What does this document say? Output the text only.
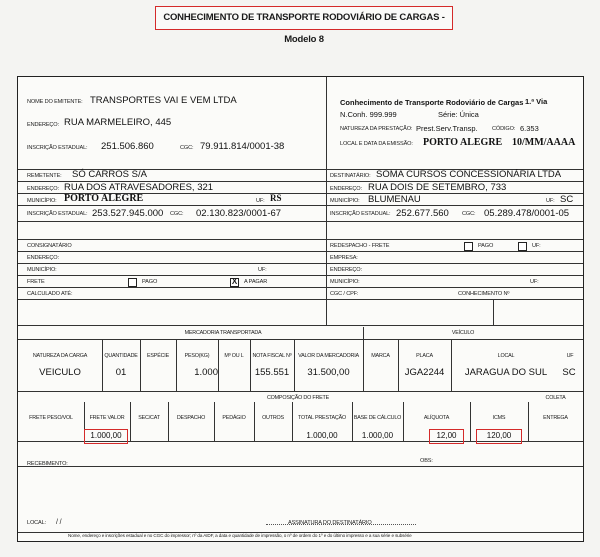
CONHECIMENTO DE TRANSPORTE RODOVIÁRIO DE CARGAS - Modelo 8
NOME DO EMITENTE: TRANSPORTES VAI E VEM LTDA
ENDEREÇO: RUA MARMELEIRO, 445
INSCRIÇÃO ESTADUAL: 251.506.860	CGC: 79.911.814/0001-38
Conhecimento de Transporte Rodoviário de Cargas 1.ª Via
N.Conh. 999.999	Série: Única
NATUREZA DA PRESTAÇÃO: Prest.Serv.Transp.	CÓDIGO: 6.353
LOCAL E DATA DA EMISSÃO: PORTO ALEGRE 10/MM/AAAA
REMETENTE: SÓ CARROS S/A
ENDEREÇO: RUA DOS ATRAVESADORES, 321
MUNICÍPIO: PORTO ALEGRE	UF: RS
INSCRIÇÃO ESTADUAL: 253.527.945.000 CGC: 02.130.823/0001-67
DESTINATÁRIO: SOMA CURSOS CONCESSIONÁRIA LTDA
ENDEREÇO: RUA DOIS DE SETEMBRO, 733
MUNICÍPIO: BLUMENAU	UF: SC
INSCRIÇÃO ESTADUAL: 252.677.560 CGC: 05.289.478/0001-05
CONSIGNATÁRIO
ENDEREÇO:
MUNICÍPIO:	UF:
FRETE	PAGO
X	A PAGAR
CALCULADO ATÉ:
REDESPACHO - FRETE	PAGO	UF:
EMPRESA:
ENDEREÇO:
MUNICÍPIO:	UF:
CGC / CPF:	CONHECIMENTO Nº
MERCADORIA TRANSPORTADA	VEÍCULO
NATUREZA DA CARGA	QUANTIDADE	ESPÉCIE	PESO(KG)	Mº OU L	NOTA FISCAL Nº	VALOR DA MERCADORIA	MARCA	PLACA	LOCAL	UF
VEICULO	01	1.000	155.551	31.500,00	JGA2244	JARAGUA DO SUL	SC
COMPOSIÇÃO DO FRETE	COLETA
FRETE PESO/VOL	FRETE VALOR	SEC/CAT	DESPACHO	PEDÁGIO	OUTROS	TOTAL PRESTAÇÃO	BASE DE CÁLCULO	ALÍQUOTA	ICMS	ENTREGA
1.000,00	1.000,00	1.000,00	12,00	120,00
RECEBIMENTO:	OBS:
LOCAL: / /	ASSINATURA DO DESTINATÁRIO
Nome, endereço e inscrições estadual e no CGC do impressor; nº da AIDF, a data e quantidade de impressão, o nº de ordem do 1º e do último impresso e a sua série e subsérie
